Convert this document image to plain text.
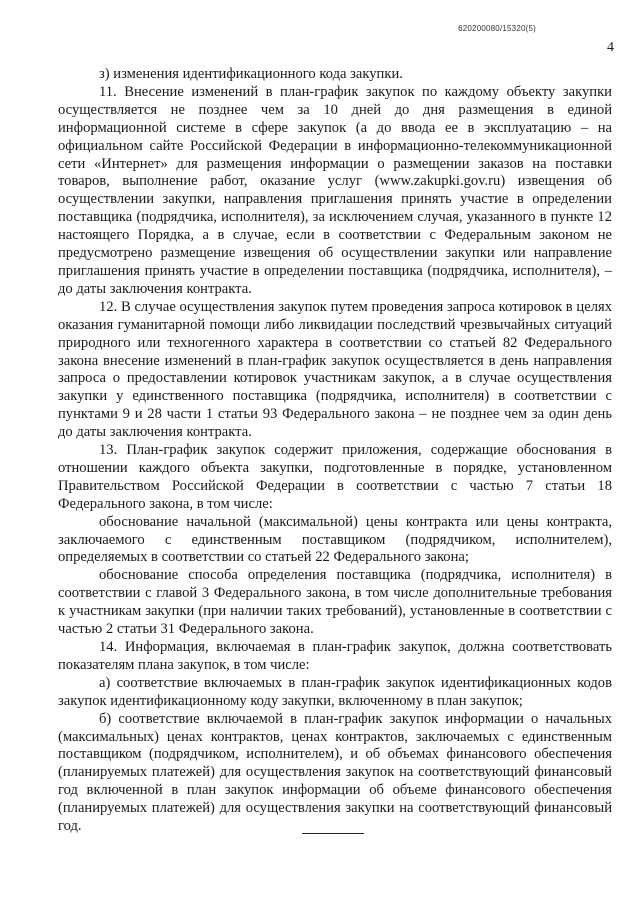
620200080/15320(5)
4

з) изменения идентификационного кода закупки.

11. Внесение изменений в план-график закупок по каждому объекту закупки осуществляется не позднее чем за 10 дней до дня размещения в единой информационной системе в сфере закупок (а до ввода ее в эксплуатацию – на официальном сайте Российской Федерации в информационно-телекоммуникационной сети «Интернет» для размещения информации о размещении заказов на поставки товаров, выполнение работ, оказание услуг (www.zakupki.gov.ru) извещения об осуществлении закупки, направления приглашения принять участие в определении поставщика (подрядчика, исполнителя), за исключением случая, указанного в пункте 12 настоящего Порядка, а в случае, если в соответствии с Федеральным законом не предусмотрено размещение извещения об осуществлении закупки или направление приглашения принять участие в определении поставщика (подрядчика, исполнителя), – до даты заключения контракта.

12. В случае осуществления закупок путем проведения запроса котировок в целях оказания гуманитарной помощи либо ликвидации последствий чрезвычайных ситуаций природного или техногенного характера в соответствии со статьей 82 Федерального закона внесение изменений в план-график закупок осуществляется в день направления запроса о предоставлении котировок участникам закупок, а в случае осуществления закупки у единственного поставщика (подрядчика, исполнителя) в соответствии с пунктами 9 и 28 части 1 статьи 93 Федерального закона – не позднее чем за один день до даты заключения контракта.

13. План-график закупок содержит приложения, содержащие обоснования в отношении каждого объекта закупки, подготовленные в порядке, установленном Правительством Российской Федерации в соответствии с частью 7 статьи 18 Федерального закона, в том числе:

обоснование начальной (максимальной) цены контракта или цены контракта, заключаемого с единственным поставщиком (подрядчиком, исполнителем), определяемых в соответствии со статьей 22 Федерального закона;

обоснование способа определения поставщика (подрядчика, исполнителя) в соответствии с главой 3 Федерального закона, в том числе дополнительные требования к участникам закупки (при наличии таких требований), установленные в соответствии с частью 2 статьи 31 Федерального закона.

14. Информация, включаемая в план-график закупок, должна соответствовать показателям плана закупок, в том числе:

а) соответствие включаемых в план-график закупок идентификационных кодов закупок идентификационному коду закупки, включенному в план закупок;

б) соответствие включаемой в план-график закупок информации о начальных (максимальных) ценах контрактов, ценах контрактов, заключаемых с единственным поставщиком (подрядчиком, исполнителем), и об объемах финансового обеспечения (планируемых платежей) для осуществления закупок на соответствующий финансовый год включенной в план закупок информации об объеме финансового обеспечения (планируемых платежей) для осуществления закупки на соответствующий финансовый год.
